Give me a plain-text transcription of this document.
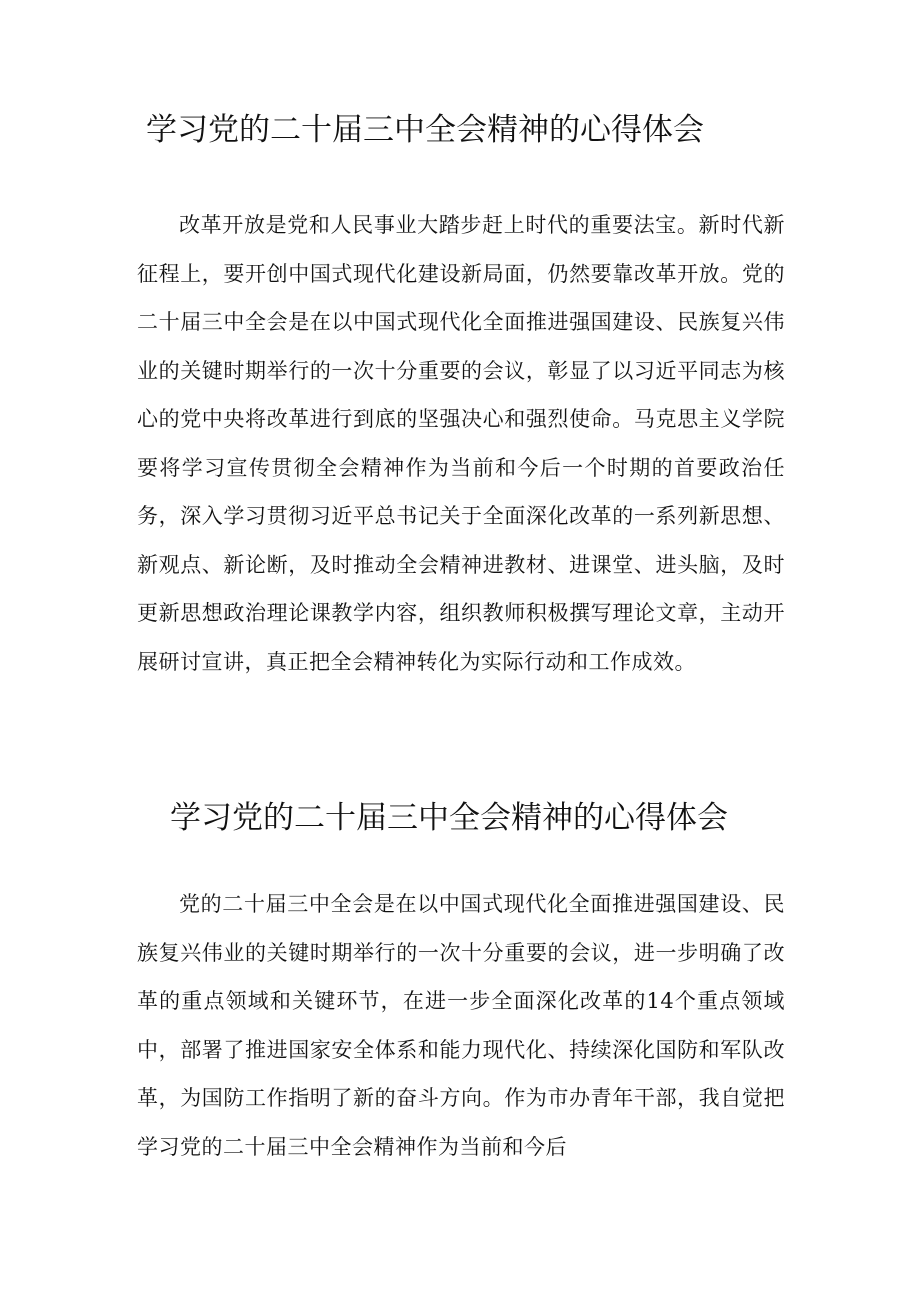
学习党的二十届三中全会精神的心得体会

改革开放是党和人民事业大踏步赶上时代的重要法宝。新时代新征程上，要开创中国式现代化建设新局面，仍然要靠改革开放。党的二十届三中全会是在以中国式现代化全面推进强国建设、民族复兴伟业的关键时期举行的一次十分重要的会议，彰显了以习近平同志为核心的党中央将改革进行到底的坚强决心和强烈使命。马克思主义学院要将学习宣传贯彻全会精神作为当前和今后一个时期的首要政治任务，深入学习贯彻习近平总书记关于全面深化改革的一系列新思想、新观点、新论断，及时推动全会精神进教材、进课堂、进头脑，及时更新思想政治理论课教学内容，组织教师积极撰写理论文章，主动开展研讨宣讲，真正把全会精神转化为实际行动和工作成效。

学习党的二十届三中全会精神的心得体会

党的二十届三中全会是在以中国式现代化全面推进强国建设、民族复兴伟业的关键时期举行的一次十分重要的会议，进一步明确了改革的重点领域和关键环节，在进一步全面深化改革的14个重点领域中，部署了推进国家安全体系和能力现代化、持续深化国防和军队改革，为国防工作指明了新的奋斗方向。作为市办青年干部，我自觉把学习党的二十届三中全会精神作为当前和今后
